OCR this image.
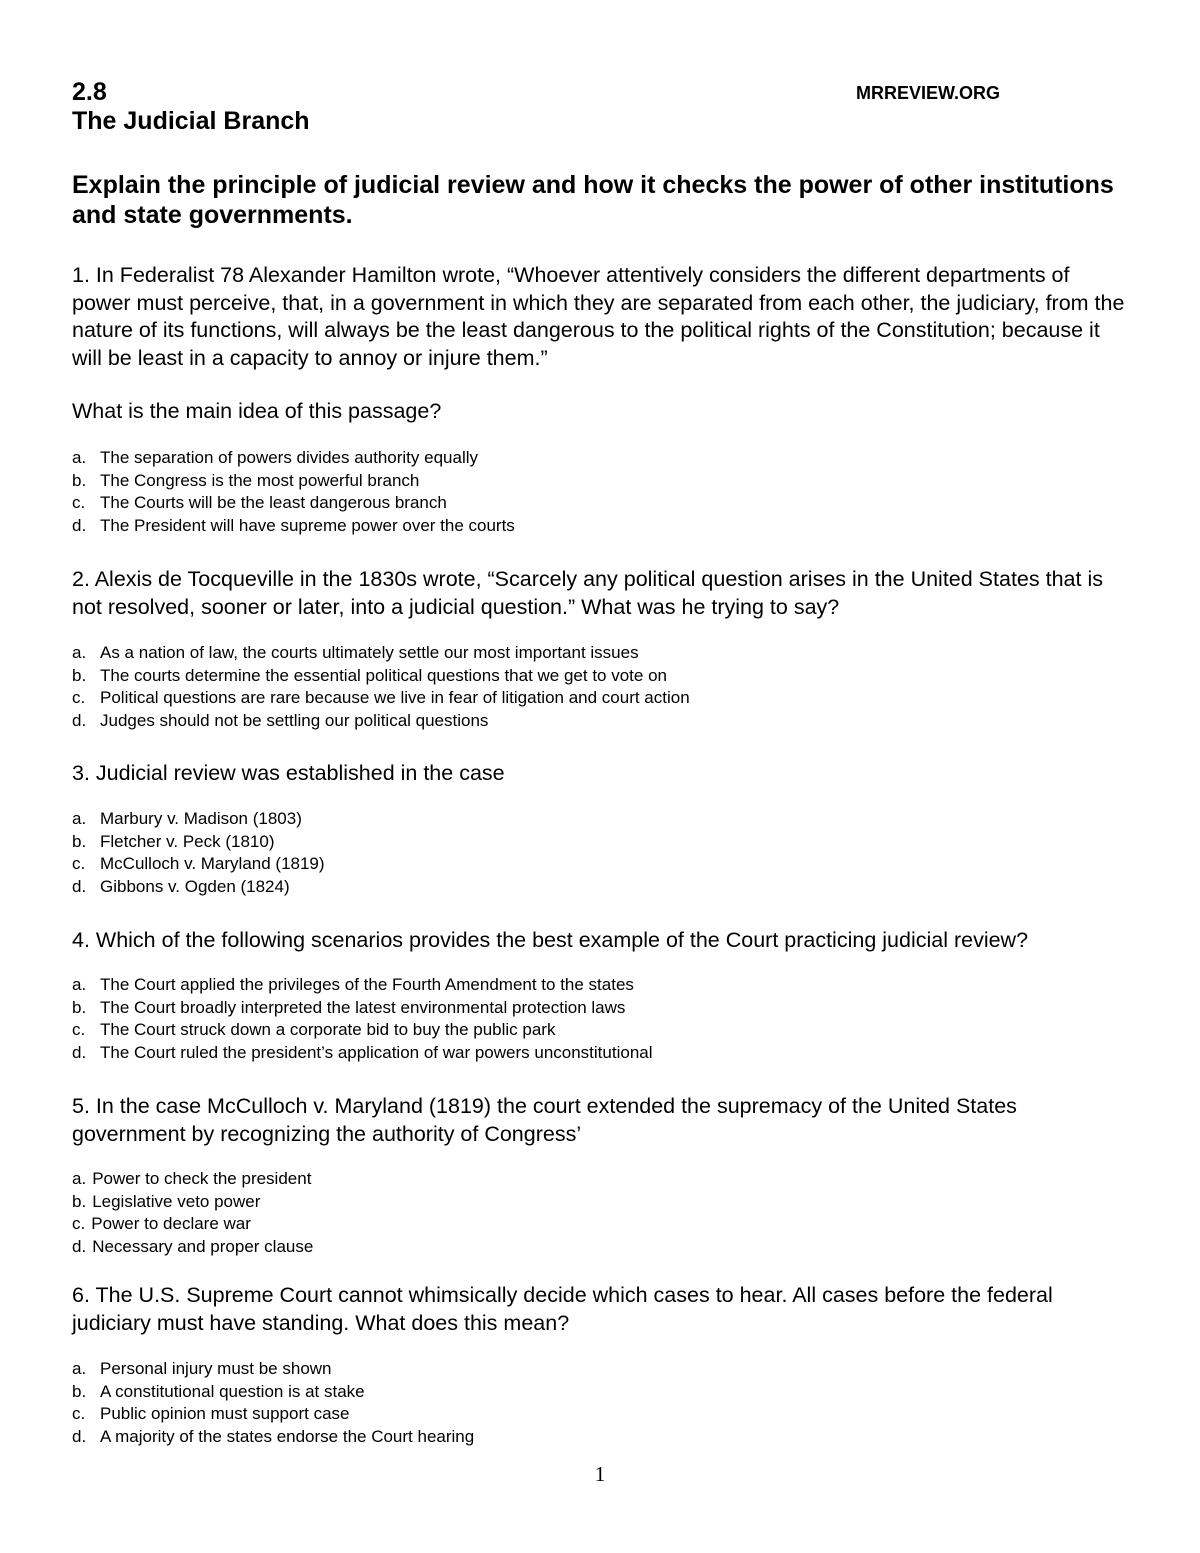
2.8	MRREVIEW.ORG
The Judicial Branch
Explain the principle of judicial review and how it checks the power of other institutions and state governments.
1. In Federalist 78 Alexander Hamilton wrote, “Whoever attentively considers the different departments of power must perceive, that, in a government in which they are separated from each other, the judiciary, from the nature of its functions, will always be the least dangerous to the political rights of the Constitution; because it will be least in a capacity to annoy or injure them.”
What is the main idea of this passage?
a. The separation of powers divides authority equally
b. The Congress is the most powerful branch
c. The Courts will be the least dangerous branch
d. The President will have supreme power over the courts
2. Alexis de Tocqueville in the 1830s wrote, “Scarcely any political question arises in the United States that is not resolved, sooner or later, into a judicial question.” What was he trying to say?
a. As a nation of law, the courts ultimately settle our most important issues
b. The courts determine the essential political questions that we get to vote on
c. Political questions are rare because we live in fear of litigation and court action
d. Judges should not be settling our political questions
3. Judicial review was established in the case
a. Marbury v. Madison (1803)
b. Fletcher v. Peck (1810)
c. McCulloch v. Maryland (1819)
d. Gibbons v. Ogden (1824)
4. Which of the following scenarios provides the best example of the Court practicing judicial review?
a. The Court applied the privileges of the Fourth Amendment to the states
b. The Court broadly interpreted the latest environmental protection laws
c. The Court struck down a corporate bid to buy the public park
d. The Court ruled the president’s application of war powers unconstitutional
5. In the case McCulloch v. Maryland (1819) the court extended the supremacy of the United States government by recognizing the authority of Congress’
a. Power to check the president
b. Legislative veto power
c. Power to declare war
d. Necessary and proper clause
6. The U.S. Supreme Court cannot whimsically decide which cases to hear. All cases before the federal judiciary must have standing. What does this mean?
a. Personal injury must be shown
b. A constitutional question is at stake
c. Public opinion must support case
d. A majority of the states endorse the Court hearing
1
